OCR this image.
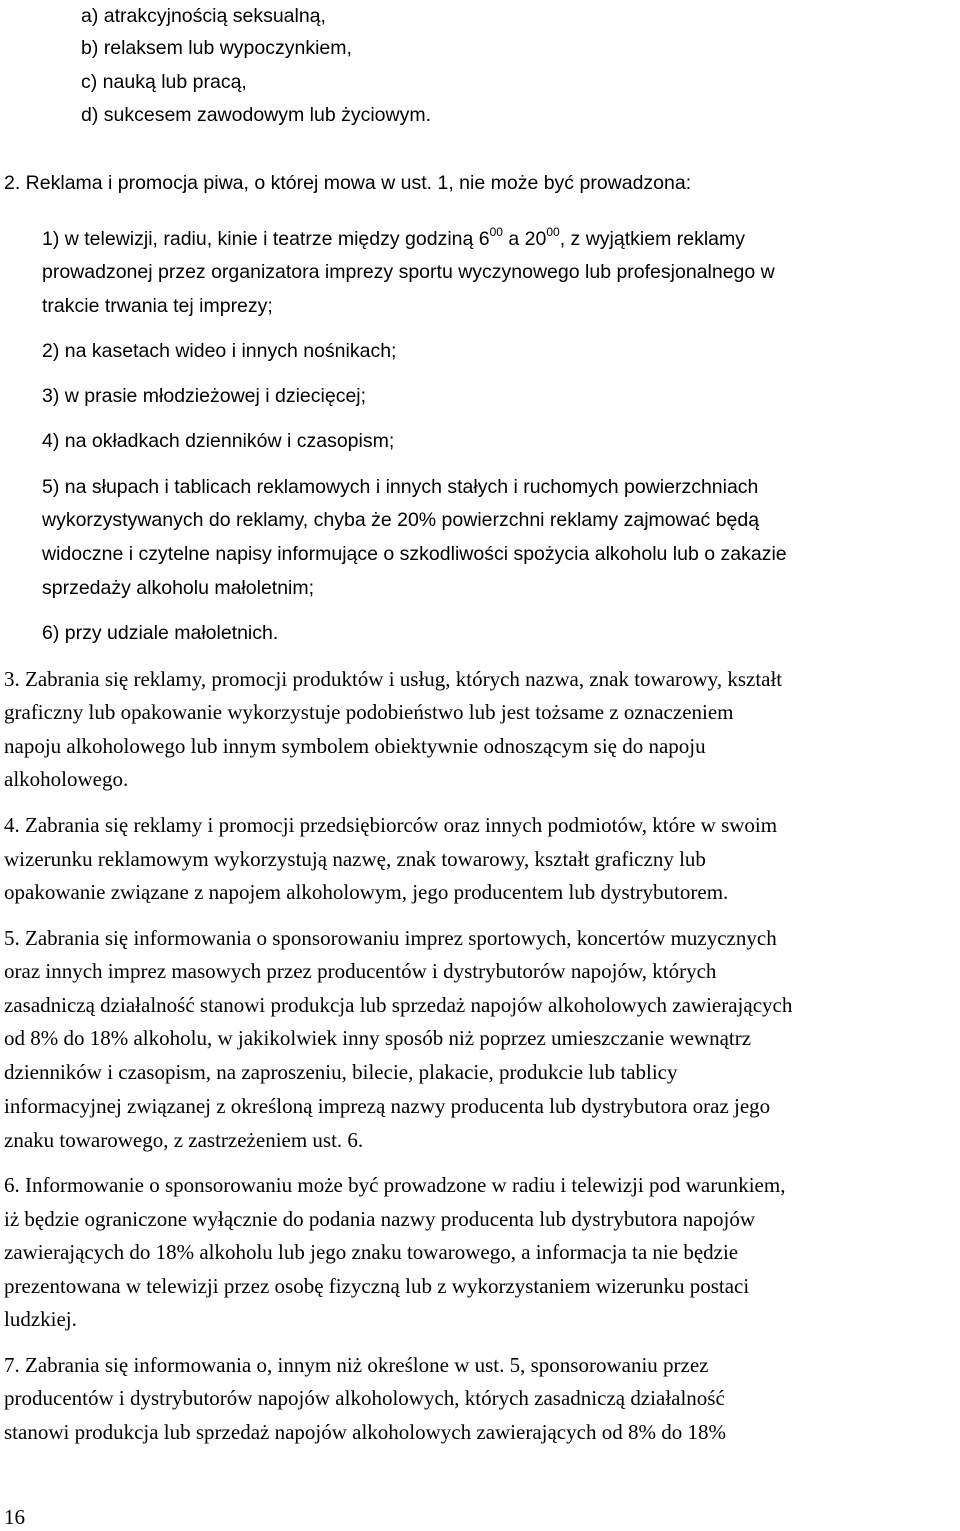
a) atrakcyjnością seksualną,
b) relaksem lub wypoczynkiem,
c) nauką lub pracą,
d) sukcesem zawodowym lub życiowym.
2. Reklama i promocja piwa, o której mowa w ust. 1, nie może być prowadzona:
1) w telewizji, radiu, kinie i teatrze między godziną $6^{00}$ a $20^{00}$, z wyjątkiem reklamy
prowadzonej przez organizatora imprezy sportu wyczynowego lub profesjonalnego w
trakcie trwania tej imprezy;
2) na kasetach wideo i innych nośnikach;
3) w prasie młodzieżowej i dziecięcej;
4) na okładkach dzienników i czasopism;
5) na słupach i tablicach reklamowych i innych stałych i ruchomych powierzchniach
wykorzystywanych do reklamy, chyba że 20% powierzchni reklamy zajmować będą
widoczne i czytelne napisy informujące o szkodliwości spożycia alkoholu lub o zakazie
sprzedaży alkoholu małoletnim;
6) przy udziale małoletnich.
3. Zabrania się reklamy, promocji produktów i usług, których nazwa, znak towarowy, kształt
graficzny lub opakowanie wykorzystuje podobieństwo lub jest tożsame z oznaczeniem
napoju alkoholowego lub innym symbolem obiektywnie odnoszącym się do napoju
alkoholowego.
4. Zabrania się reklamy i promocji przedsiębiorców oraz innych podmiotów, które w swoim
wizerunku reklamowym wykorzystują nazwę, znak towarowy, kształt graficzny lub
opakowanie związane z napojem alkoholowym, jego producentem lub dystrybutorem.
5. Zabrania się informowania o sponsorowaniu imprez sportowych, koncertów muzycznych
oraz innych imprez masowych przez producentów i dystrybutorów napojów, których
zasadniczą działalność stanowi produkcja lub sprzedaż napojów alkoholowych zawierających
od 8% do 18% alkoholu, w jakikolwiek inny sposób niż poprzez umieszczanie wewnątrz
dzienników i czasopism, na zaproszeniu, bilecie, plakacie, produkcie lub tablicy
informacyjnej związanej z określoną imprezą nazwy producenta lub dystrybutora oraz jego
znaku towarowego, z zastrzeżeniem ust. 6.
6. Informowanie o sponsorowaniu może być prowadzone w radiu i telewizji pod warunkiem,
iż będzie ograniczone wyłącznie do podania nazwy producenta lub dystrybutora napojów
zawierających do 18% alkoholu lub jego znaku towarowego, a informacja ta nie będzie
prezentowana w telewizji przez osobę fizyczną lub z wykorzystaniem wizerunku postaci
ludzkiej.
7. Zabrania się informowania o, innym niż określone w ust. 5, sponsorowaniu przez
producentów i dystrybutorów napojów alkoholowych, których zasadniczą działalność
stanowi produkcja lub sprzedaż napojów alkoholowych zawierających od 8% do 18%
16
